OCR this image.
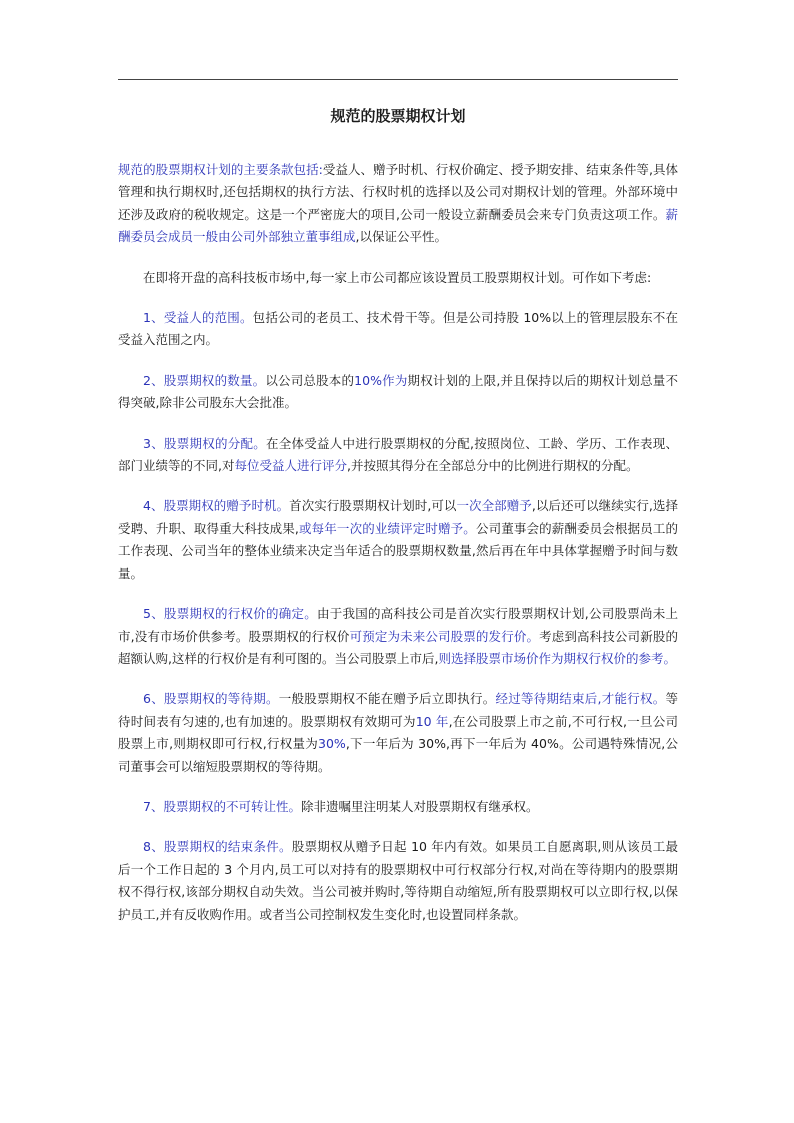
规范的股票期权计划

规范的股票期权计划的主要条款包括:受益人、赠予时机、行权价确定、授予期安排、结束条件等,具体管理和执行期权时,还包括期权的执行方法、行权时机的选择以及公司对期权计划的管理。外部环境中还涉及政府的税收规定。这是一个严密庞大的项目,公司一般设立薪酬委员会来专门负责这项工作。薪酬委员会成员一般由公司外部独立董事组成,以保证公平性。

在即将开盘的高科技板市场中,每一家上市公司都应该设置员工股票期权计划。可作如下考虑:

1、受益人的范围。包括公司的老员工、技术骨干等。但是公司持股 10%以上的管理层股东不在受益入范围之内。

2、股票期权的数量。以公司总股本的10%作为期权计划的上限,并且保持以后的期权计划总量不得突破,除非公司股东大会批准。

3、股票期权的分配。在全体受益人中进行股票期权的分配,按照岗位、工龄、学历、工作表现、部门业绩等的不同,对每位受益人进行评分,并按照其得分在全部总分中的比例进行期权的分配。

4、股票期权的赠予时机。首次实行股票期权计划时,可以一次全部赠予,以后还可以继续实行,选择受聘、升职、取得重大科技成果,或每年一次的业绩评定时赠予。公司董事会的薪酬委员会根据员工的工作表现、公司当年的整体业绩来决定当年适合的股票期权数量,然后再在年中具体掌握赠予时间与数量。

5、股票期权的行权价的确定。由于我国的高科技公司是首次实行股票期权计划,公司股票尚未上市,没有市场价供参考。股票期权的行权价可预定为未来公司股票的发行价。考虑到高科技公司新股的超额认购,这样的行权价是有利可图的。当公司股票上市后,则选择股票市场价作为期权行权价的参考。

6、股票期权的等待期。一般股票期权不能在赠予后立即执行。经过等待期结束后,才能行权。等待时间表有匀速的,也有加速的。股票期权有效期可为10 年,在公司股票上市之前,不可行权,一旦公司股票上市,则期权即可行权,行权量为30%,下一年后为 30%,再下一年后为 40%。公司遇特殊情况,公司董事会可以缩短股票期权的等待期。

7、股票期权的不可转让性。除非遗嘱里注明某人对股票期权有继承权。

8、股票期权的结束条件。股票期权从赠予日起 10 年内有效。如果员工自愿离职,则从该员工最后一个工作日起的 3 个月内,员工可以对持有的股票期权中可行权部分行权,对尚在等待期内的股票期权不得行权,该部分期权自动失效。当公司被并购时,等待期自动缩短,所有股票期权可以立即行权,以保护员工,并有反收购作用。或者当公司控制权发生变化时,也设置同样条款。
